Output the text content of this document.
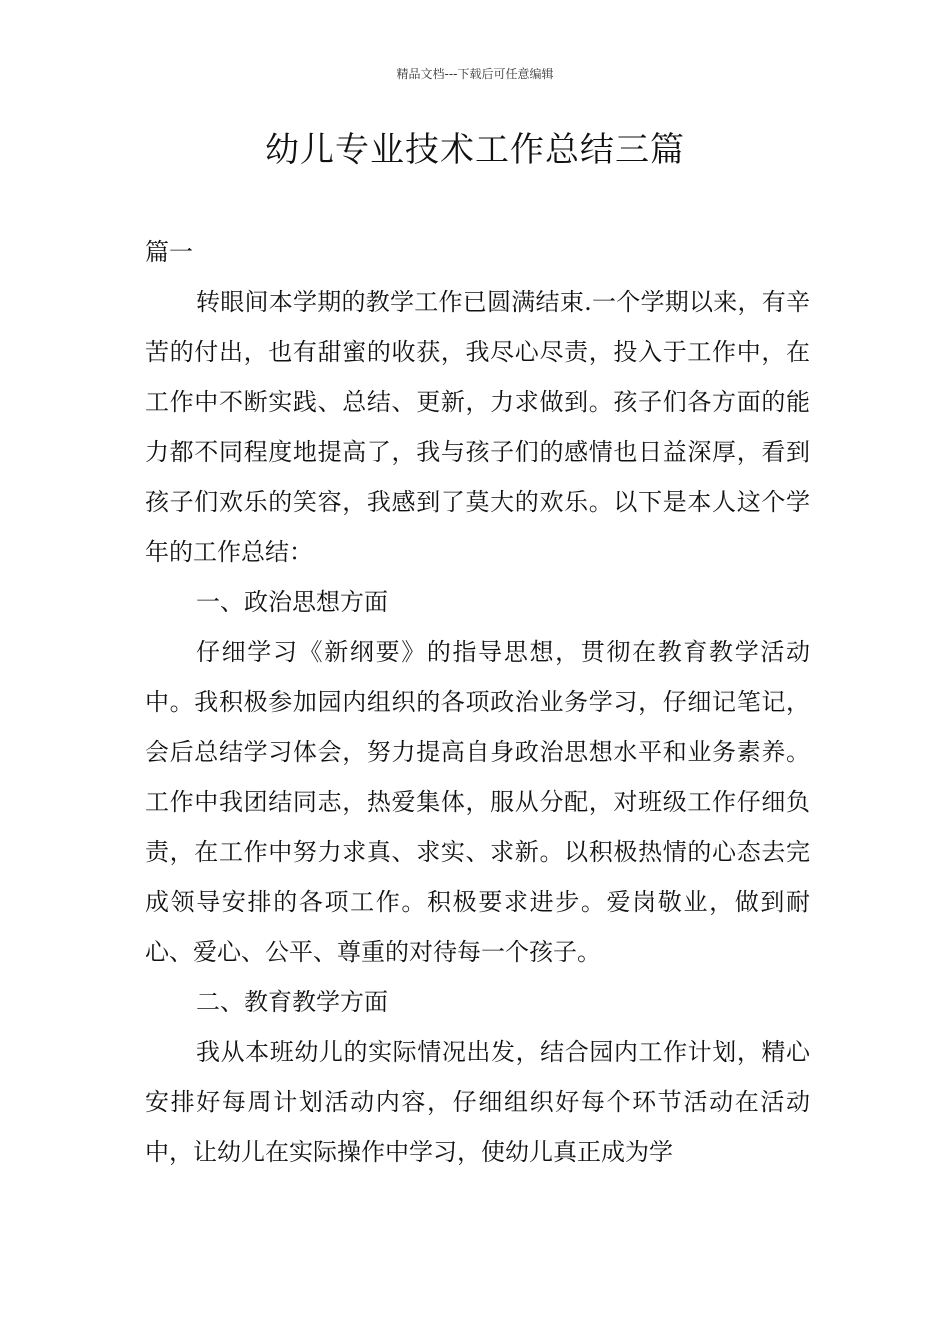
精品文档---下载后可任意编辑
幼儿专业技术工作总结三篇

篇一

转眼间本学期的教学工作已圆满结束.一个学期以来，有辛苦的付出，也有甜蜜的收获，我尽心尽责，投入于工作中，在工作中不断实践、总结、更新，力求做到。孩子们各方面的能力都不同程度地提高了，我与孩子们的感情也日益深厚，看到孩子们欢乐的笑容，我感到了莫大的欢乐。以下是本人这个学年的工作总结：

一、政治思想方面

仔细学习《新纲要》的指导思想，贯彻在教育教学活动中。我积极参加园内组织的各项政治业务学习，仔细记笔记，会后总结学习体会，努力提高自身政治思想水平和业务素养。工作中我团结同志，热爱集体，服从分配，对班级工作仔细负责，在工作中努力求真、求实、求新。以积极热情的心态去完成领导安排的各项工作。积极要求进步。爱岗敬业，做到耐心、爱心、公平、尊重的对待每一个孩子。

二、教育教学方面

我从本班幼儿的实际情况出发，结合园内工作计划，精心安排好每周计划活动内容，仔细组织好每个环节活动在活动中，让幼儿在实际操作中学习，使幼儿真正成为学
